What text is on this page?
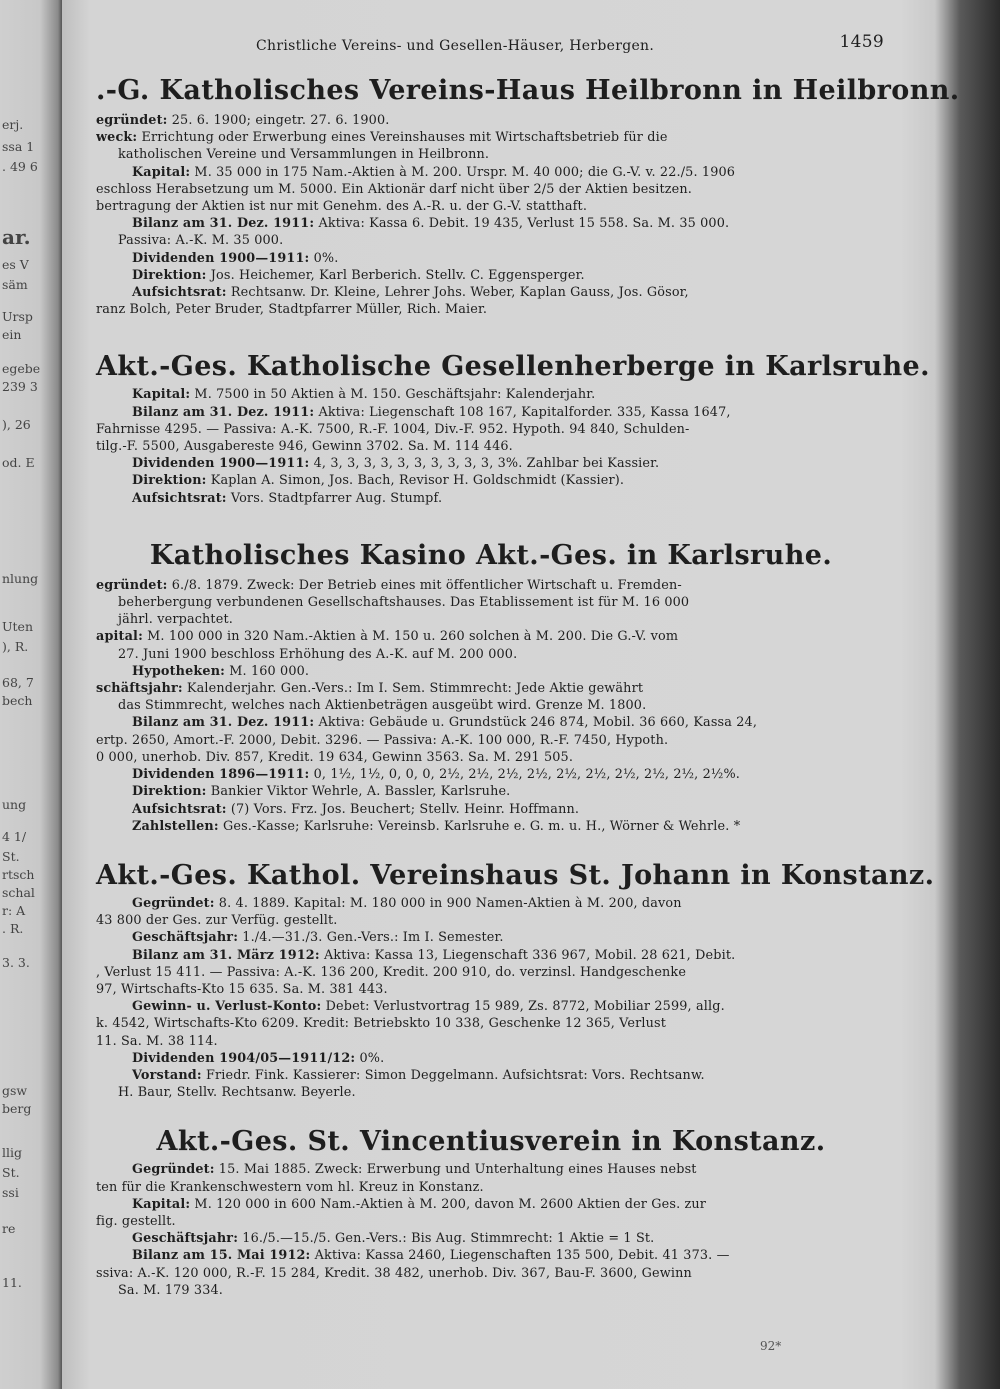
erj.
ssa 1
. 49 6
ar.
es V
säm
Ursp
ein
egebe
239 3
), 26
od. E
nlung
Uten
), R.
68, 7
bech
ung
4 1/
St.
rtsch
schal
r: A
. R.
3. 3.
gsw
berg
llig
St.
ssi
re
11.
Christliche Vereins- und Gesellen-Häuser, Herbergen.	1459
.-G. Katholisches Vereins-Haus Heilbronn in Heilbronn.
egründet: 25. 6. 1900; eingetr. 27. 6. 1900.
weck: Errichtung oder Erwerbung eines Vereinshauses mit Wirtschaftsbetrieb für die
katholischen Vereine und Versammlungen in Heilbronn.
Kapital: M. 35 000 in 175 Nam.-Aktien à M. 200. Urspr. M. 40 000; die G.-V. v. 22./5. 1906
eschloss Herabsetzung um M. 5000. Ein Aktionär darf nicht über 2/5 der Aktien besitzen.
bertragung der Aktien ist nur mit Genehm. des A.-R. u. der G.-V. statthaft.
Bilanz am 31. Dez. 1911: Aktiva: Kassa 6. Debit. 19 435, Verlust 15 558. Sa. M. 35 000.
Passiva: A.-K. M. 35 000.
Dividenden 1900—1911: 0%.
Direktion: Jos. Heichemer, Karl Berberich. Stellv. C. Eggensperger.
Aufsichtsrat: Rechtsanw. Dr. Kleine, Lehrer Johs. Weber, Kaplan Gauss, Jos. Gösor,
ranz Bolch, Peter Bruder, Stadtpfarrer Müller, Rich. Maier.
Akt.-Ges. Katholische Gesellenherberge in Karlsruhe.
Kapital: M. 7500 in 50 Aktien à M. 150. Geschäftsjahr: Kalenderjahr.
Bilanz am 31. Dez. 1911: Aktiva: Liegenschaft 108 167, Kapitalforder. 335, Kassa 1647,
Fahrnisse 4295. — Passiva: A.-K. 7500, R.-F. 1004, Div.-F. 952. Hypoth. 94 840, Schulden-
tilg.-F. 5500, Ausgabereste 946, Gewinn 3702. Sa. M. 114 446.
Dividenden 1900—1911: 4, 3, 3, 3, 3, 3, 3, 3, 3, 3, 3, 3%. Zahlbar bei Kassier.
Direktion: Kaplan A. Simon, Jos. Bach, Revisor H. Goldschmidt (Kassier).
Aufsichtsrat: Vors. Stadtpfarrer Aug. Stumpf.
Katholisches Kasino Akt.-Ges. in Karlsruhe.
egründet: 6./8. 1879. Zweck: Der Betrieb eines mit öffentlicher Wirtschaft u. Fremden-
beherbergung verbundenen Gesellschaftshauses. Das Etablissement ist für M. 16 000
jährl. verpachtet.
apital: M. 100 000 in 320 Nam.-Aktien à M. 150 u. 260 solchen à M. 200. Die G.-V. vom
27. Juni 1900 beschloss Erhöhung des A.-K. auf M. 200 000.
Hypotheken: M. 160 000.
schäftsjahr: Kalenderjahr. Gen.-Vers.: Im I. Sem. Stimmrecht: Jede Aktie gewährt
das Stimmrecht, welches nach Aktienbeträgen ausgeübt wird. Grenze M. 1800.
Bilanz am 31. Dez. 1911: Aktiva: Gebäude u. Grundstück 246 874, Mobil. 36 660, Kassa 24,
ertp. 2650, Amort.-F. 2000, Debit. 3296. — Passiva: A.-K. 100 000, R.-F. 7450, Hypoth.
0 000, unerhob. Div. 857, Kredit. 19 634, Gewinn 3563. Sa. M. 291 505.
Dividenden 1896—1911: 0, 1½, 1½, 0, 0, 0, 2½, 2½, 2½, 2½, 2½, 2½, 2½, 2½, 2½, 2½%.
Direktion: Bankier Viktor Wehrle, A. Bassler, Karlsruhe.
Aufsichtsrat: (7) Vors. Frz. Jos. Beuchert; Stellv. Heinr. Hoffmann.
Zahlstellen: Ges.-Kasse; Karlsruhe: Vereinsb. Karlsruhe e. G. m. u. H., Wörner & Wehrle. *
Akt.-Ges. Kathol. Vereinshaus St. Johann in Konstanz.
Gegründet: 8. 4. 1889. Kapital: M. 180 000 in 900 Namen-Aktien à M. 200, davon
43 800 der Ges. zur Verfüg. gestellt.
Geschäftsjahr: 1./4.—31./3. Gen.-Vers.: Im I. Semester.
Bilanz am 31. März 1912: Aktiva: Kassa 13, Liegenschaft 336 967, Mobil. 28 621, Debit.
, Verlust 15 411. — Passiva: A.-K. 136 200, Kredit. 200 910, do. verzinsl. Handgeschenke
97, Wirtschafts-Kto 15 635. Sa. M. 381 443.
Gewinn- u. Verlust-Konto: Debet: Verlustvortrag 15 989, Zs. 8772, Mobiliar 2599, allg.
k. 4542, Wirtschafts-Kto 6209. Kredit: Betriebskto 10 338, Geschenke 12 365, Verlust
11. Sa. M. 38 114.
Dividenden 1904/05—1911/12: 0%.
Vorstand: Friedr. Fink. Kassierer: Simon Deggelmann. Aufsichtsrat: Vors. Rechtsanw.
H. Baur, Stellv. Rechtsanw. Beyerle.
Akt.-Ges. St. Vincentiusverein in Konstanz.
Gegründet: 15. Mai 1885. Zweck: Erwerbung und Unterhaltung eines Hauses nebst
ten für die Krankenschwestern vom hl. Kreuz in Konstanz.
Kapital: M. 120 000 in 600 Nam.-Aktien à M. 200, davon M. 2600 Aktien der Ges. zur
fig. gestellt.
Geschäftsjahr: 16./5.—15./5. Gen.-Vers.: Bis Aug. Stimmrecht: 1 Aktie = 1 St.
Bilanz am 15. Mai 1912: Aktiva: Kassa 2460, Liegenschaften 135 500, Debit. 41 373. —
ssiva: A.-K. 120 000, R.-F. 15 284, Kredit. 38 482, unerhob. Div. 367, Bau-F. 3600, Gewinn
Sa. M. 179 334.
92*
